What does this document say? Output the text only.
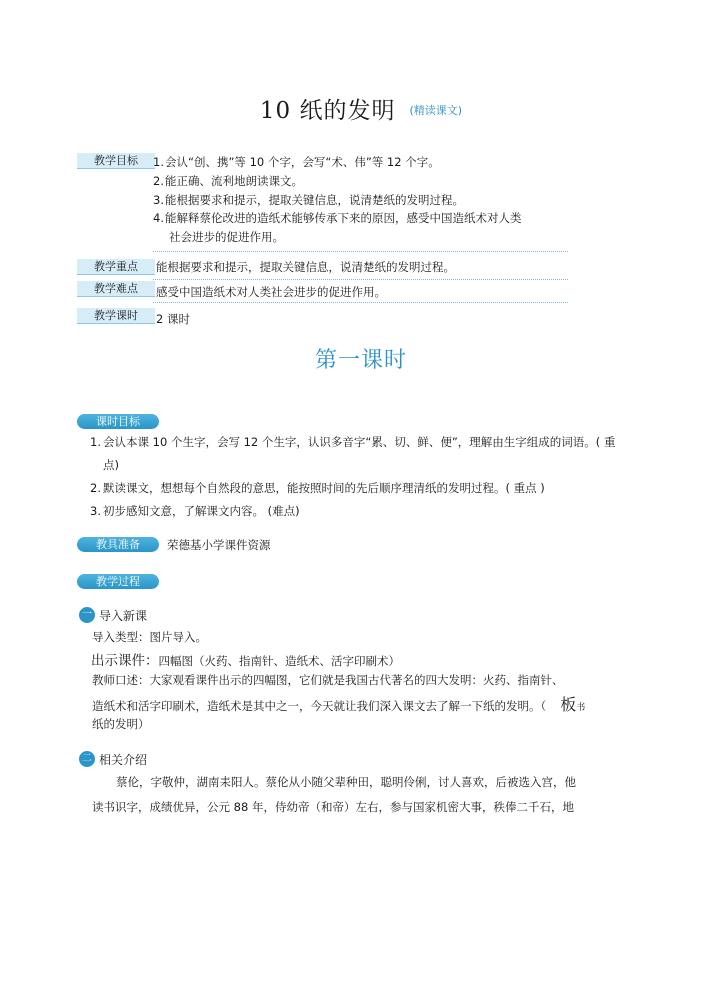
10 纸的发明 (精读课文)
教学目标	1.会认“创、携”等 10 个字，会写“术、伟”等 12 个字。
2.能正确、流利地朗读课文。
3.能根据要求和提示，提取关键信息，说清楚纸的发明过程。
4.能解释蔡伦改进的造纸术能够传承下来的原因，感受中国造纸术对人类
社会进步的促进作用。
教学重点	能根据要求和提示，提取关键信息，说清楚纸的发明过程。
教学难点	感受中国造纸术对人类社会进步的促进作用。
教学课时	2 课时
第一课时
课时目标
1. 会认本课 10 个生字，会写 12 个生字，认识多音字“累、切、鲜、便”，理解由生字组成的词语。( 重
点)
2. 默读课文，想想每个自然段的意思，能按照时间的先后顺序理清纸的发明过程。( 重点 )
3. 初步感知文意，了解课文内容。 (难点)
教具准备	荣德基小学课件资源
教学过程
一 导入新课
导入类型：图片导入。
出示课件：四幅图（火药、指南针、造纸术、活字印刷术）
教师口述：大家观看课件出示的四幅图，它们就是我国古代著名的四大发明：火药、指南针、
造纸术和活字印刷术，造纸术是其中之一，今天就让我们深入课文去了解一下纸的发明。（ 板书
纸的发明）
二 相关介绍
蔡伦，字敬仲，湖南耒阳人。蔡伦从小随父辈种田，聪明伶俐，讨人喜欢，后被选入宫，他
读书识字，成绩优异，公元 88 年，侍幼帝（和帝）左右，参与国家机密大事，秩俸二千石，地
